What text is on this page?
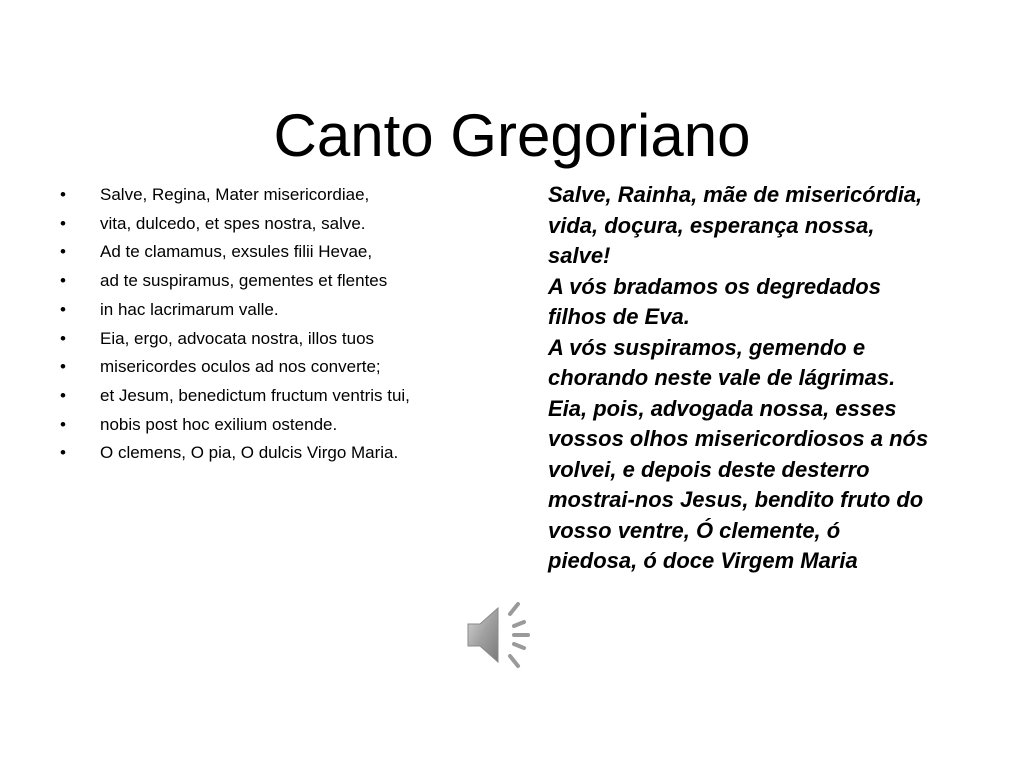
Canto Gregoriano
• Salve, Regina, Mater misericordiae,
• vita, dulcedo, et spes nostra, salve.
• Ad te clamamus, exsules filii Hevae,
• ad te suspiramus, gementes et flentes
• in hac lacrimarum valle.
• Eia, ergo, advocata nostra, illos tuos
• misericordes oculos ad nos converte;
• et Jesum, benedictum fructum ventris tui,
• nobis post hoc exilium ostende.
• O clemens, O pia, O dulcis Virgo Maria.
Salve, Rainha, mãe de misericórdia,
vida, doçura, esperança nossa,
salve!
A vós bradamos os degredados
filhos de Eva.
A vós suspiramos, gemendo e
chorando neste vale de lágrimas.
Eia, pois, advogada nossa, esses
vossos olhos misericordiosos a nós
volvei, e depois deste desterro
mostrai-nos Jesus, bendito fruto do
vosso ventre, Ó clemente, ó
piedosa, ó doce Virgem Maria
